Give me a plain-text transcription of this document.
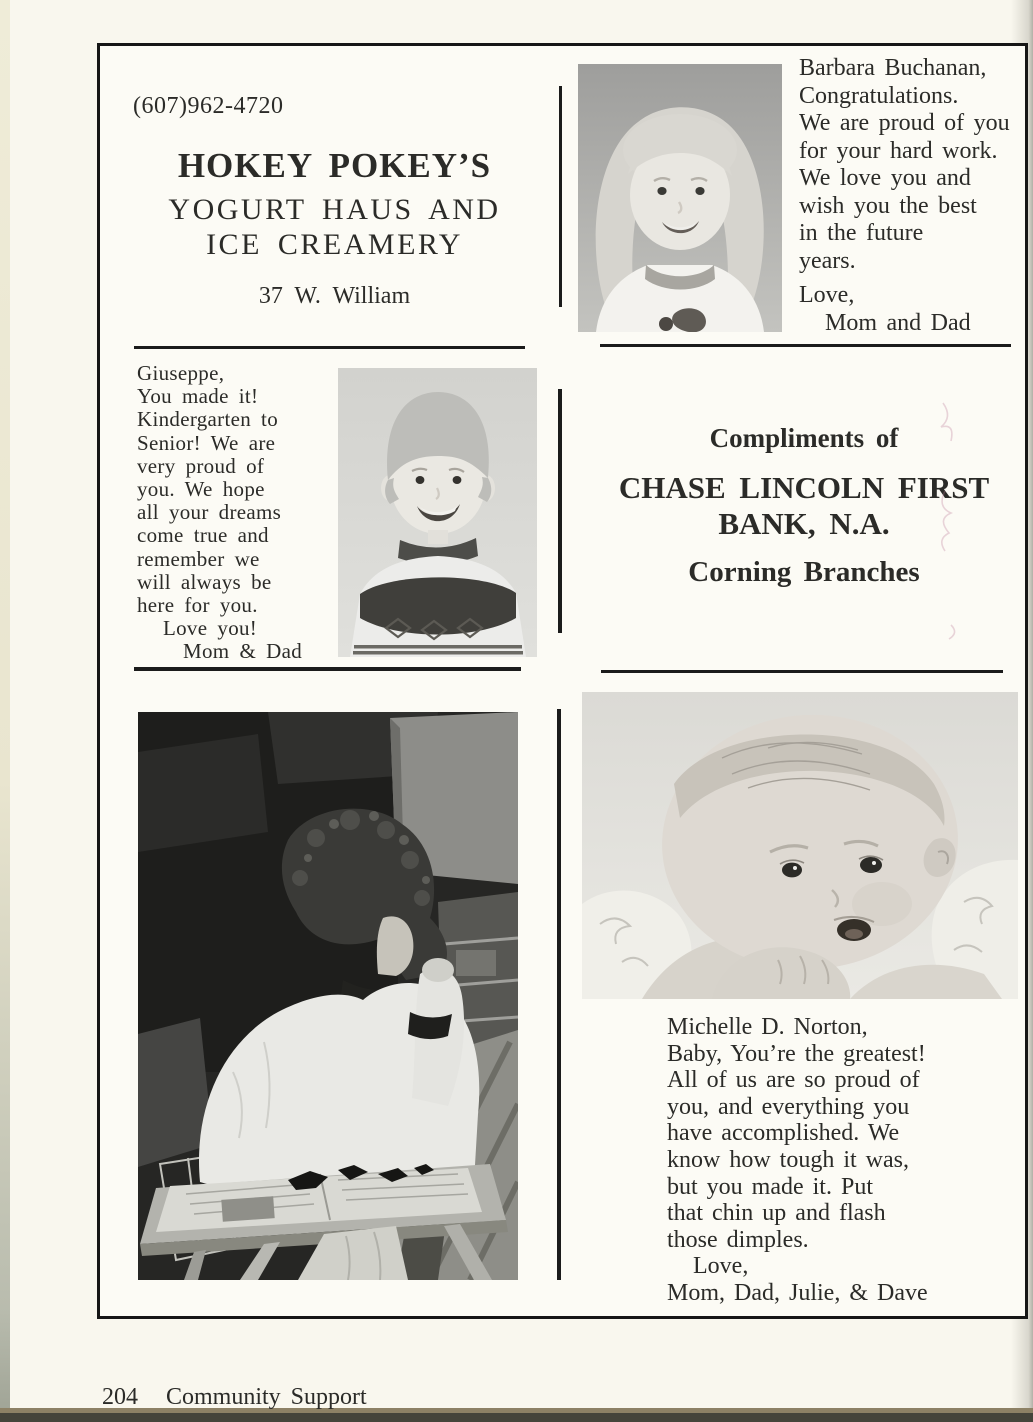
(607)962-4720
HOKEY POKEY’S
YOGURT HAUS AND
ICE CREAMERY
37 W. William
Barbara Buchanan,
Congratulations.
We are proud of you
for your hard work.
We love you and
wish you the best
in the future
years.
Love,
Mom and Dad
Giuseppe,
You made it!
Kindergarten to
Senior! We are
very proud of
you. We hope
all your dreams
come true and
remember we
will always be
here for you.
Love you!
Mom & Dad
Compliments of
CHASE LINCOLN FIRST
BANK, N.A.
Corning Branches
Michelle D. Norton,
Baby, You’re the greatest!
All of us are so proud of
you, and everything you
have accomplished. We
know how tough it was,
but you made it. Put
that chin up and flash
those dimples.
Love,
Mom, Dad, Julie, & Dave
204 Community Support
